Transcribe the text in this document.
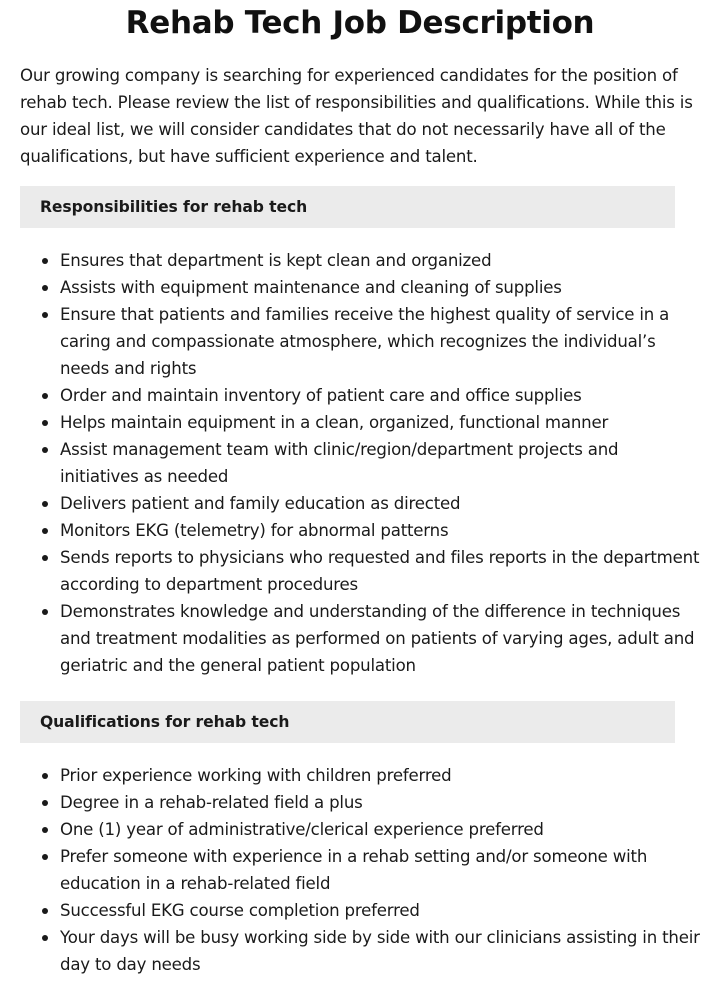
Rehab Tech Job Description

Our growing company is searching for experienced candidates for the position of rehab tech. Please review the list of responsibilities and qualifications. While this is our ideal list, we will consider candidates that do not necessarily have all of the qualifications, but have sufficient experience and talent.

Responsibilities for rehab tech
Ensures that department is kept clean and organized
Assists with equipment maintenance and cleaning of supplies
Ensure that patients and families receive the highest quality of service in a caring and compassionate atmosphere, which recognizes the individual’s needs and rights
Order and maintain inventory of patient care and office supplies
Helps maintain equipment in a clean, organized, functional manner
Assist management team with clinic/region/department projects and initiatives as needed
Delivers patient and family education as directed
Monitors EKG (telemetry) for abnormal patterns
Sends reports to physicians who requested and files reports in the department according to department procedures
Demonstrates knowledge and understanding of the difference in techniques and treatment modalities as performed on patients of varying ages, adult and geriatric and the general patient population
Qualifications for rehab tech
Prior experience working with children preferred
Degree in a rehab-related field a plus
One (1) year of administrative/clerical experience preferred
Prefer someone with experience in a rehab setting and/or someone with education in a rehab-related field
Successful EKG course completion preferred
Your days will be busy working side by side with our clinicians assisting in their day to day needs
